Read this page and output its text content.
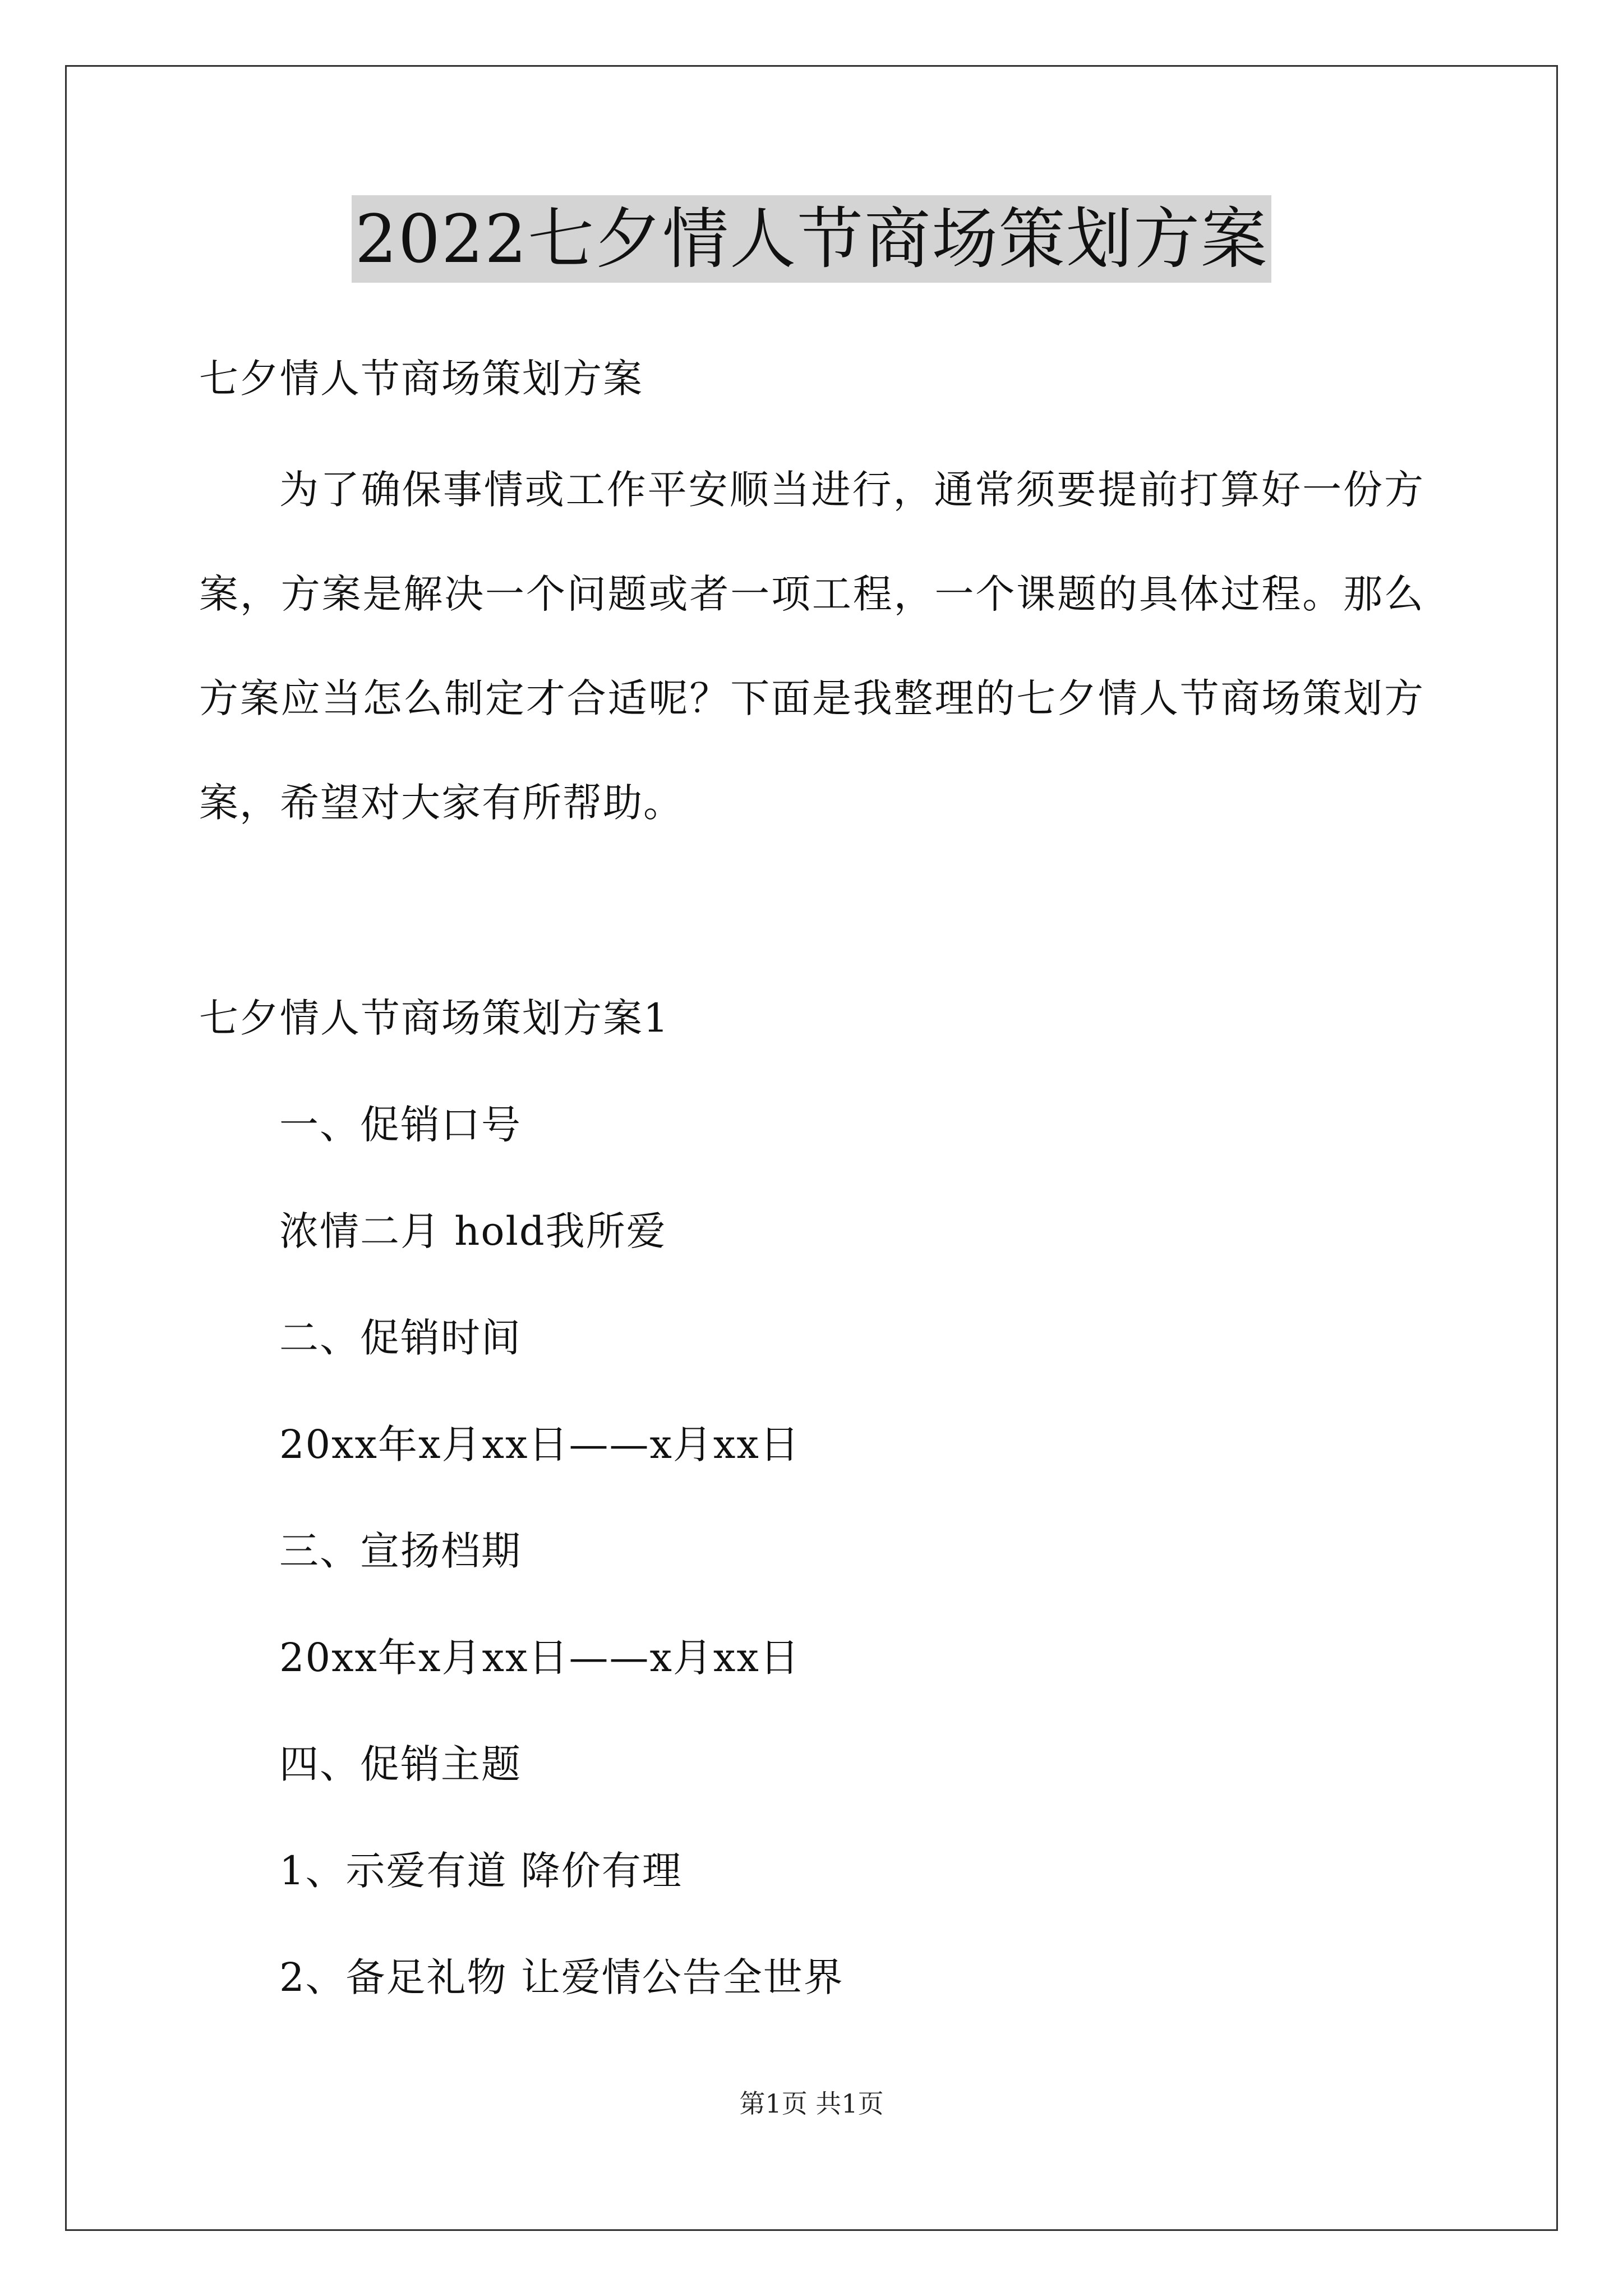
2022七夕情人节商场策划方案
七夕情人节商场策划方案
为了确保事情或工作平安顺当进行，通常须要提前打算好一份方案，方案是解决一个问题或者一项工程，一个课题的具体过程。那么方案应当怎么制定才合适呢？下面是我整理的七夕情人节商场策划方案，希望对大家有所帮助。
七夕情人节商场策划方案1
一、促销口号
浓情二月 hold我所爱
二、促销时间
20xx年x月xx日——x月xx日
三、宣扬档期
20xx年x月xx日——x月xx日
四、促销主题
1、示爱有道 降价有理
2、备足礼物 让爱情公告全世界
第1页 共1页
